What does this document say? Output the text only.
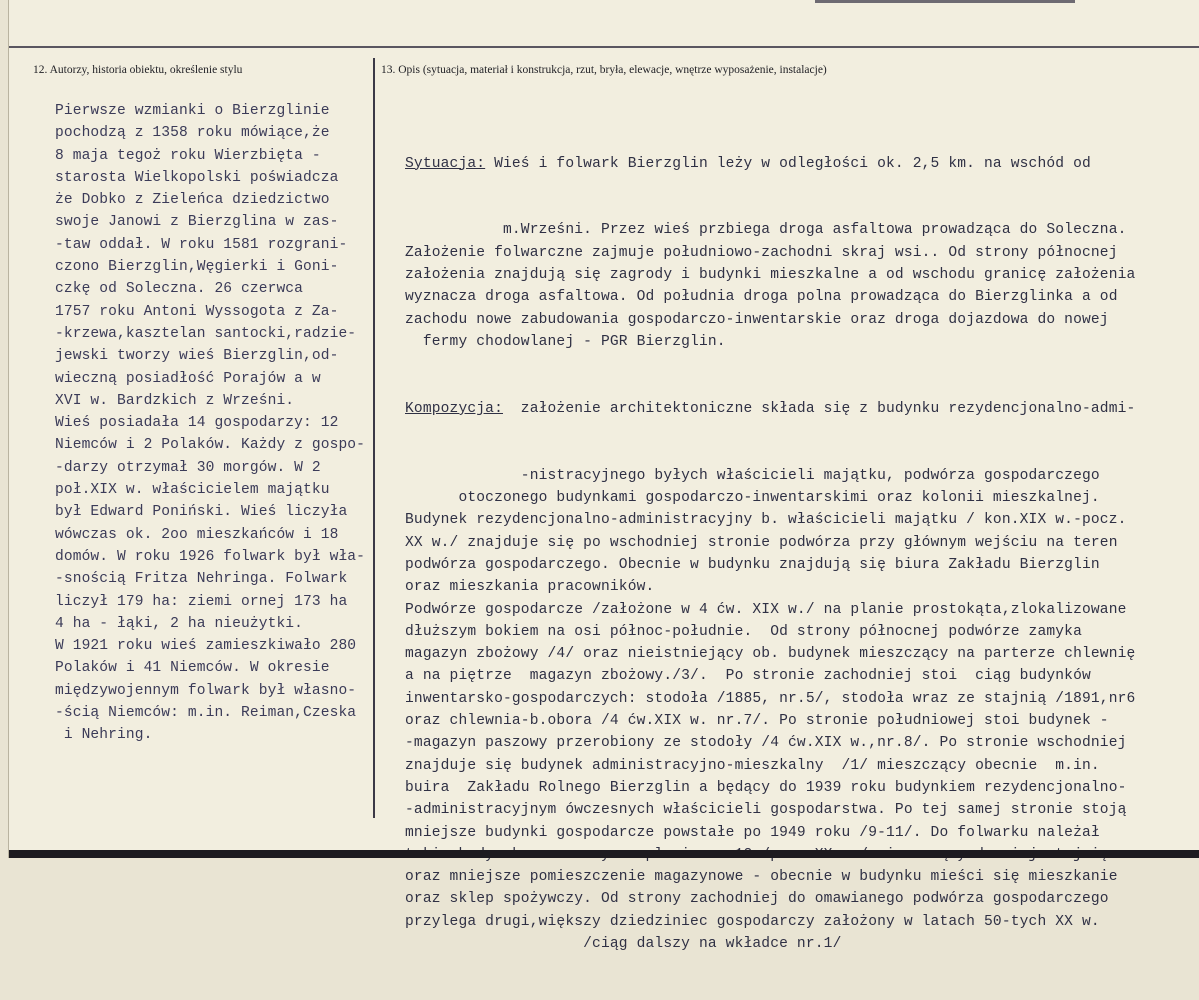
12. Autorzy, historia obiektu, określenie stylu	13. Opis (sytuacja, materiał i konstrukcja, rzut, bryła, elewacje, wnętrze wyposażenie, instalacje)
Pierwsze wzmianki o Bierzglinie
pochodzą z 1358 roku mówiące,że
8 maja tegoż roku Wierzbięta -
starosta Wielkopolski poświadcza
że Dobko z Zieleńca dziedzictwo
swoje Janowi z Bierzglina w zas-
-taw oddał. W roku 1581 rozgrani-
czono Bierzglin,Węgierki i Goni-
czkę od Soleczna. 26 czerwca
1757 roku Antoni Wyssogota z Za-
-krzewa,kasztelan santocki,radzie-
jewski tworzy wieś Bierzglin,od-
wieczną posiadłość Porajów a w
XVI w. Bardzkich z Wrześni.
Wieś posiadała 14 gospodarzy: 12
Niemców i 2 Polaków. Każdy z gospo-
-darzy otrzymał 30 morgów. W 2
poł.XIX w. właścicielem majątku
był Edward Poniński. Wieś liczyła
wówczas ok. 2oo mieszkańców i 18
domów. W roku 1926 folwark był wła-
-snością Fritza Nehringa. Folwark
liczył 179 ha: ziemi ornej 173 ha
4 ha - łąki, 2 ha nieużytki.
W 1921 roku wieś zamieszkiwało 280
Polaków i 41 Niemców. W okresie
międzywojennym folwark był własno-
-ścią Niemców: m.in. Reiman,Czeska
i Nehring.

Sytuacja: Wieś i folwark Bierzglin leży w odległości ok. 2,5 km. na wschód od

m.Wrześni. Przez wieś przbiega droga asfaltowa prowadząca do Soleczna.
Założenie folwarczne zajmuje południowo-zachodni skraj wsi.. Od strony północnej
założenia znajdują się zagrody i budynki mieszkalne a od wschodu granicę założenia
wyznacza droga asfaltowa. Od południa droga polna prowadząca do Bierzglinka a od
zachodu nowe zabudowania gospodarczo-inwentarskie oraz droga dojazdowa do nowej
fermy chodowlanej - PGR Bierzglin.

Kompozycja:  założenie architektoniczne składa się z budynku rezydencjonalno-admi-

-nistracyjnego byłych właścicieli majątku, podwórza gospodarczego
otoczonego budynkami gospodarczo-inwentarskimi oraz kolonii mieszkalnej.
Budynek rezydencjonalno-administracyjny b. właścicieli majątku / kon.XIX w.-pocz.
XX w./ znajduje się po wschodniej stronie podwórza przy głównym wejściu na teren
podwórza gospodarczego. Obecnie w budynku znajdują się biura Zakładu Bierzglin
oraz mieszkania pracowników.
Podwórze gospodarcze /założone w 4 ćw. XIX w./ na planie prostokąta,zlokalizowane
dłuższym bokiem na osi północ-południe.  Od strony północnej podwórze zamyka
magazyn zbożowy /4/ oraz nieistniejący ob. budynek mieszczący na parterze chlewnię
a na piętrze  magazyn zbożowy./3/.  Po stronie zachodniej stoi  ciąg budynków
inwentarsko-gospodarczych: stodoła /1885, nr.5/, stodoła wraz ze stajnią /1891,nr6
oraz chlewnia-b.obora /4 ćw.XIX w. nr.7/. Po stronie południowej stoi budynek -
-magazyn paszowy przerobiony ze stodoły /4 ćw.XIX w.,nr.8/. Po stronie wschodniej
znajduje się budynek administracyjno-mieszkalny  /1/ mieszczący obecnie  m.in.
buira  Zakładu Rolnego Bierzglin a będący do 1939 roku budynkiem rezydencjonalno-
-administracyjnym ówczesnych właścicieli gospodarstwa. Po tej samej stronie stoją
mniejsze budynki gospodarcze powstałe po 1949 roku /9-11/. Do folwarku należał
oraz mniejsze pomieszczenie magazynowe - obecnie w budynku mieści się mieszkanie
oraz sklep spożywczy. Od strony zachodniej do omawianego podwórza gospodarczego
przylega drugi,większy dziedziniec gospodarczy założony w latach 50-tych XX w.
/ciąg dalszy na wkładce nr.1/
